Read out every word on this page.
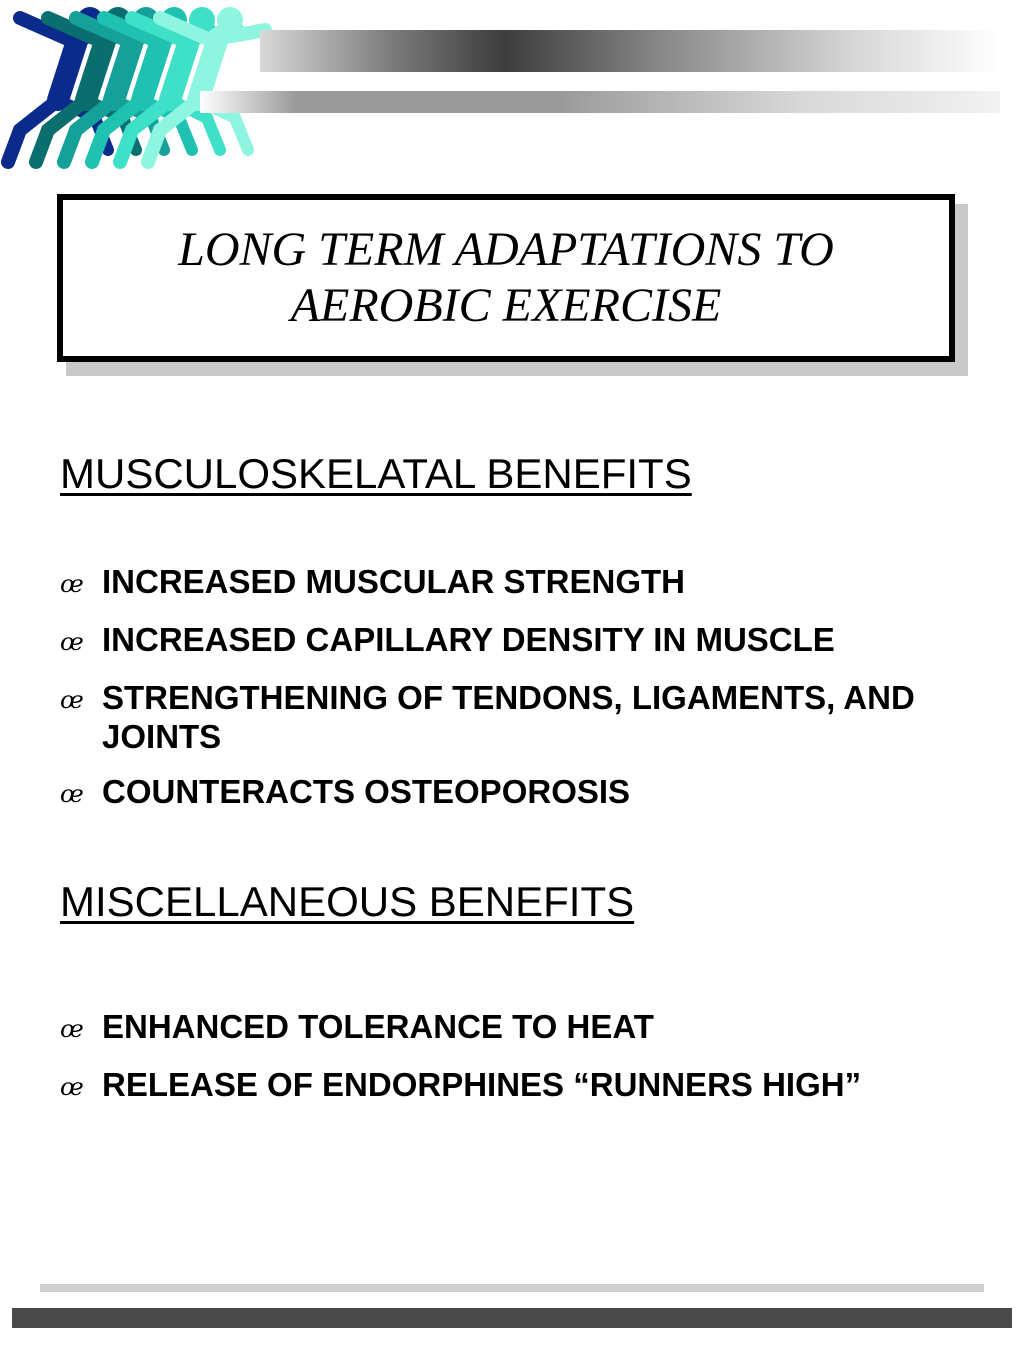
LONG TERM ADAPTATIONS TO
AEROBIC EXERCISE
MUSCULOSKELATAL BENEFITS
œ INCREASED MUSCULAR STRENGTH
œ INCREASED CAPILLARY DENSITY IN MUSCLE
œ STRENGTHENING OF TENDONS, LIGAMENTS, AND JOINTS
œ COUNTERACTS OSTEOPOROSIS
MISCELLANEOUS BENEFITS
œ ENHANCED TOLERANCE TO HEAT
œ RELEASE OF ENDORPHINES “RUNNERS HIGH”
